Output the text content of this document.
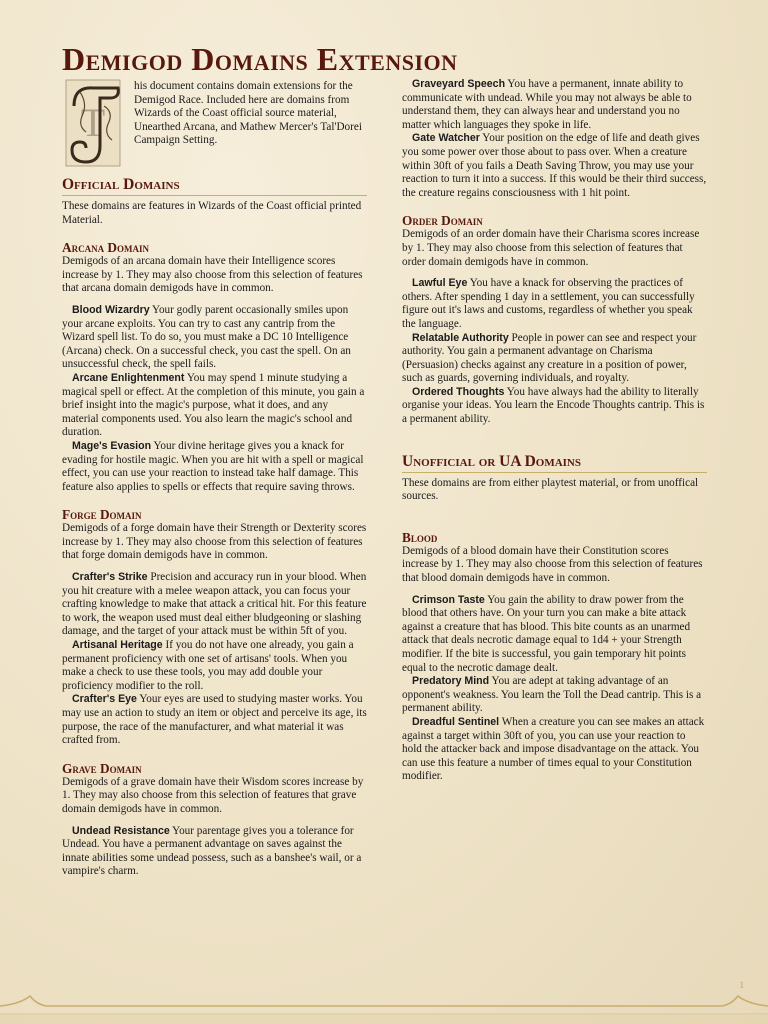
Demigod Domains Extension
T

his document contains domain extensions for the Demigod Race. Included here are domains from Wizards of the Coast official source material, Unearthed Arcana, and Mathew Mercer's Tal'Dorei Campaign Setting.

Official Domains

These domains are features in Wizards of the Coast official printed Material.

Arcana Domain

Demigods of an arcana domain have their Intelligence scores increase by 1. They may also choose from this selection of features that arcana domain demigods have in common.

Blood Wizardry Your godly parent occasionally smiles upon your arcane exploits. You can try to cast any cantrip from the Wizard spell list. To do so, you must make a DC 10 Intelligence (Arcana) check. On a successful check, you cast the spell. On an unsuccessful check, the spell fails.

Arcane Enlightenment You may spend 1 minute studying a magical spell or effect. At the completion of this minute, you gain a brief insight into the magic's purpose, what it does, and any material components used. You also learn the magic's school and duration.

Mage's Evasion Your divine heritage gives you a knack for evading for hostile magic. When you are hit with a spell or magical effect, you can use your reaction to instead take half damage. This feature also applies to spells or effects that require saving throws.

Forge Domain

Demigods of a forge domain have their Strength or Dexterity scores increase by 1. They may also choose from this selection of features that forge domain demigods have in common.

Crafter's Strike Precision and accuracy run in your blood. When you hit creature with a melee weapon attack, you can focus your crafting knowledge to make that attack a critical hit. For this feature to work, the weapon used must deal either bludgeoning or slashing damage, and the target of your attack must be within 5ft of you.

Artisanal Heritage If you do not have one already, you gain a permanent proficiency with one set of artisans' tools. When you make a check to use these tools, you may add double your proficiency modifier to the roll.

Crafter's Eye Your eyes are used to studying master works. You may use an action to study an item or object and perceive its age, its purpose, the race of the manufacturer, and what material it was crafted from.

Grave Domain

Demigods of a grave domain have their Wisdom scores increase by 1. They may also choose from this selection of features that grave domain demigods have in common.

Undead Resistance Your parentage gives you a tolerance for Undead. You have a permanent advantage on saves against the innate abilities some undead possess, such as a banshee's wail, or a vampire's charm.

Graveyard Speech You have a permanent, innate ability to communicate with undead. While you may not always be able to understand them, they can always hear and understand you no matter which languages they spoke in life.

Gate Watcher Your position on the edge of life and death gives you some power over those about to pass over. When a creature within 30ft of you fails a Death Saving Throw, you may use your reaction to turn it into a success. If this would be their third success, the creature regains consciousness with 1 hit point.

Order Domain

Demigods of an order domain have their Charisma scores increase by 1. They may also choose from this selection of features that order domain demigods have in common.

Lawful Eye You have a knack for observing the practices of others. After spending 1 day in a settlement, you can successfully figure out it's laws and customs, regardless of whether you speak the language.

Relatable Authority People in power can see and respect your authority. You gain a permanent advantage on Charisma (Persuasion) checks against any creature in a position of power, such as guards, governing individuals, and royalty.

Ordered Thoughts You have always had the ability to literally organise your ideas. You learn the Encode Thoughts cantrip. This is a permanent ability.

Unofficial or UA Domains

These domains are from either playtest material, or from unoffical sources.

Blood

Demigods of a blood domain have their Constitution scores increase by 1. They may also choose from this selection of features that blood domain demigods have in common.

Crimson Taste You gain the ability to draw power from the blood that others have. On your turn you can make a bite attack against a creature that has blood. This bite counts as an unarmed attack that deals necrotic damage equal to 1d4 + your Strength modifier. If the bite is successful, you gain temporary hit points equal to the necrotic damage dealt.

Predatory Mind You are adept at taking advantage of an opponent's weakness. You learn the Toll the Dead cantrip. This is a permanent ability.

Dreadful Sentinel When a creature you can see makes an attack against a target within 30ft of you, you can use your reaction to hold the attacker back and impose disadvantage on the attack. You can use this feature a number of times equal to your Constitution modifier.

1
